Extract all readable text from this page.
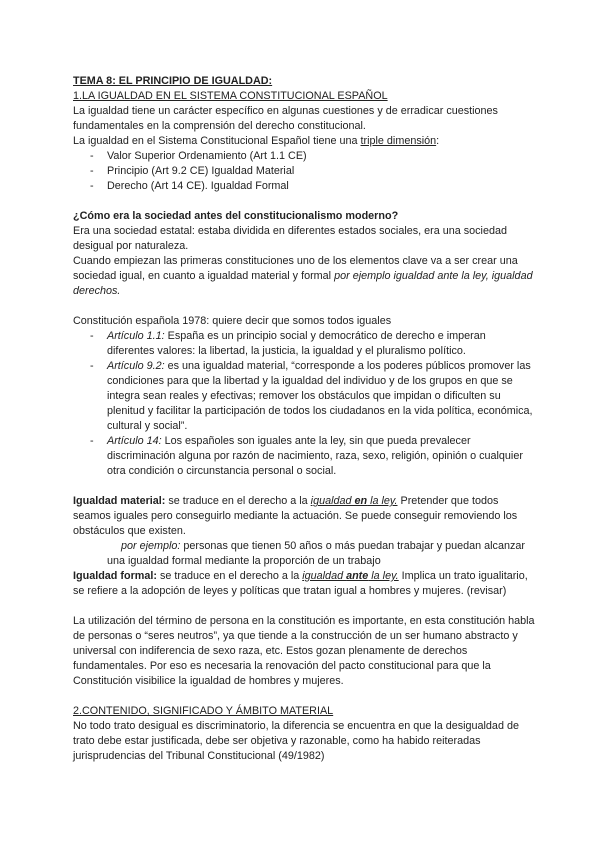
TEMA 8: EL PRINCIPIO DE IGUALDAD:

1.LA IGUALDAD EN EL SISTEMA CONSTITUCIONAL ESPAÑOL

La igualdad tiene un carácter específico en algunas cuestiones y de erradicar cuestiones fundamentales en la comprensión del derecho constitucional.

La igualdad en el Sistema Constitucional Español tiene una triple dimensión:

- Valor Superior Ordenamiento (Art 1.1 CE)
- Principio (Art 9.2 CE) Igualdad Material
- Derecho (Art 14 CE). Igualdad Formal

¿Cómo era la sociedad antes del constitucionalismo moderno?

Era una sociedad estatal: estaba dividida en diferentes estados sociales, era una sociedad desigual por naturaleza.

Cuando empiezan las primeras constituciones uno de los elementos clave va a ser crear una sociedad igual, en cuanto a igualdad material y formal por ejemplo igualdad ante la ley, igualdad derechos.

Constitución española 1978: quiere decir que somos todos iguales

- Artículo 1.1: España es un principio social y democrático de derecho e imperan diferentes valores: la libertad, la justicia, la igualdad y el pluralismo político.
- Artículo 9.2: es una igualdad material, “corresponde a los poderes públicos promover las condiciones para que la libertad y la igualdad del individuo y de los grupos en que se integra sean reales y efectivas; remover los obstáculos que impidan o dificulten su plenitud y facilitar la participación de todos los ciudadanos en la vida política, económica, cultural y social”.
- Artículo 14: Los españoles son iguales ante la ley, sin que pueda prevalecer discriminación alguna por razón de nacimiento, raza, sexo, religión, opinión o cualquier otra condición o circunstancia personal o social.

Igualdad material: se traduce en el derecho a la igualdad en la ley. Pretender que todos seamos iguales pero conseguirlo mediante la actuación. Se puede conseguir removiendo los obstáculos que existen.

por ejemplo: personas que tienen 50 años o más puedan trabajar y puedan alcanzar

una igualdad formal mediante la proporción de un trabajo

Igualdad formal: se traduce en el derecho a la igualdad ante la ley. Implica un trato igualitario, se refiere a la adopción de leyes y políticas que tratan igual a hombres y mujeres. (revisar)

La utilización del término de persona en la constitución es importante, en esta constitución habla de personas o “seres neutros”, ya que tiende a la construcción de un ser humano abstracto y universal con indiferencia de sexo raza, etc. Estos gozan plenamente de derechos fundamentales. Por eso es necesaria la renovación del pacto constitucional para que la Constitución visibilice la igualdad de hombres y mujeres.

2.CONTENIDO, SIGNIFICADO Y ÁMBITO MATERIAL

No todo trato desigual es discriminatorio, la diferencia se encuentra en que la desigualdad de trato debe estar justificada, debe ser objetiva y razonable, como ha habido reiteradas jurisprudencias del Tribunal Constitucional (49/1982)
